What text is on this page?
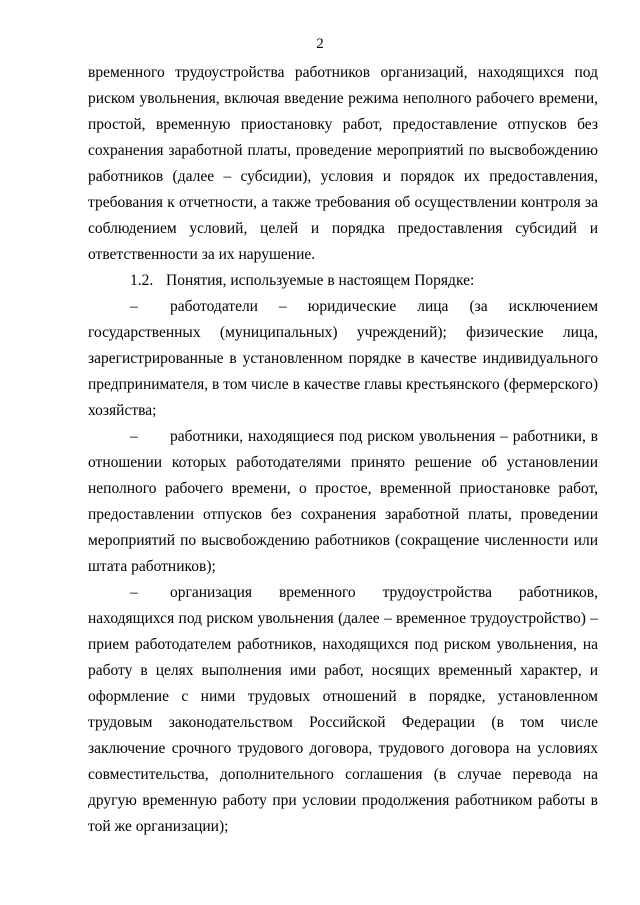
2

временного трудоустройства работников организаций, находящихся под риском увольнения, включая введение режима неполного рабочего времени, простой, временную приостановку работ, предоставление отпусков без сохранения заработной платы, проведение мероприятий по высвобождению работников (далее – субсидии), условия и порядок их предоставления, требования к отчетности, а также требования об осуществлении контроля за соблюдением условий, целей и порядка предоставления субсидий и ответственности за их нарушение.

1.2. Понятия, используемые в настоящем Порядке:

– работодатели – юридические лица (за исключением государственных (муниципальных) учреждений); физические лица, зарегистрированные в установленном порядке в качестве индивидуального предпринимателя, в том числе в качестве главы крестьянского (фермерского) хозяйства;

– работники, находящиеся под риском увольнения – работники, в отношении которых работодателями принято решение об установлении неполного рабочего времени, о простое, временной приостановке работ, предоставлении отпусков без сохранения заработной платы, проведении мероприятий по высвобождению работников (сокращение численности или штата работников);

– организация временного трудоустройства работников, находящихся под риском увольнения (далее – временное трудоустройство) – прием работодателем работников, находящихся под риском увольнения, на работу в целях выполнения ими работ, носящих временный характер, и оформление с ними трудовых отношений в порядке, установленном трудовым законодательством Российской Федерации (в том числе заключение срочного трудового договора, трудового договора на условиях совместительства, дополнительного соглашения (в случае перевода на другую временную работу при условии продолжения работником работы в той же организации);
